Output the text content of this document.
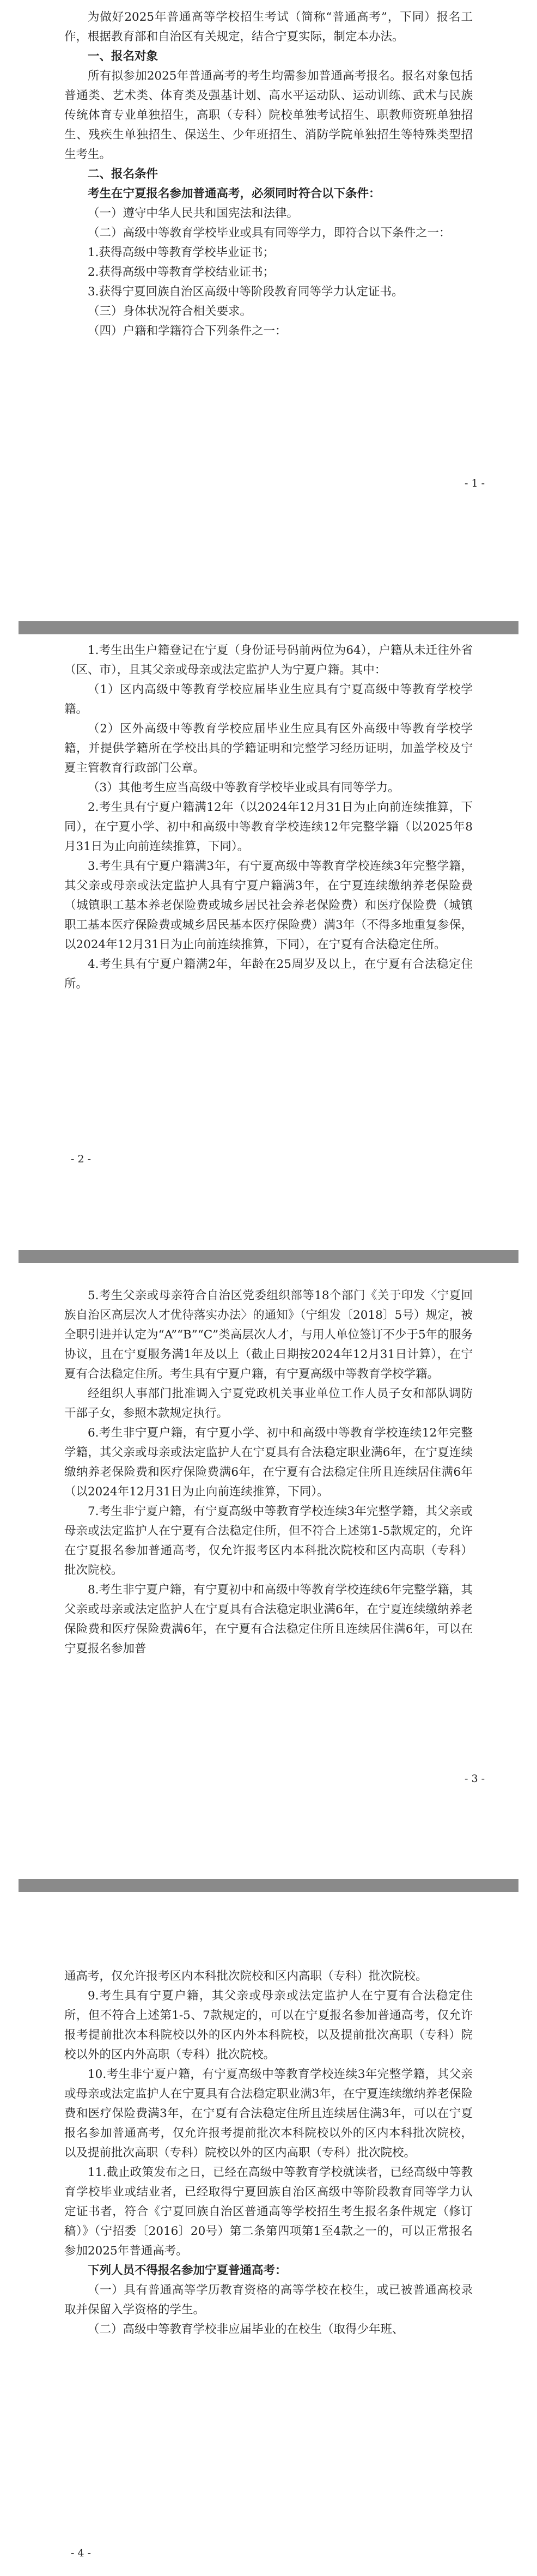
为做好2025年普通高等学校招生考试（简称“普通高考”，下同）报名工作，根据教育部和自治区有关规定，结合宁夏实际，制定本办法。

一、报名对象

所有拟参加2025年普通高考的考生均需参加普通高考报名。报名对象包括普通类、艺术类、体育类及强基计划、高水平运动队、运动训练、武术与民族传统体育专业单独招生，高职（专科）院校单独考试招生、职教师资班单独招生、残疾生单独招生、保送生、少年班招生、消防学院单独招生等特殊类型招生考生。

二、报名条件

考生在宁夏报名参加普通高考，必须同时符合以下条件：

（一）遵守中华人民共和国宪法和法律。

（二）高级中等教育学校毕业或具有同等学力，即符合以下条件之一：

1.获得高级中等教育学校毕业证书；

2.获得高级中等教育学校结业证书；

3.获得宁夏回族自治区高级中等阶段教育同等学力认定证书。

（三）身体状况符合相关要求。

（四）户籍和学籍符合下列条件之一：

- 1 -

1.考生出生户籍登记在宁夏（身份证号码前两位为64），户籍从未迁往外省（区、市），且其父亲或母亲或法定监护人为宁夏户籍。其中：

（1）区内高级中等教育学校应届毕业生应具有宁夏高级中等教育学校学籍。

（2）区外高级中等教育学校应届毕业生应具有区外高级中等教育学校学籍，并提供学籍所在学校出具的学籍证明和完整学习经历证明，加盖学校及宁夏主管教育行政部门公章。

（3）其他考生应当高级中等教育学校毕业或具有同等学力。

2.考生具有宁夏户籍满12年（以2024年12月31日为止向前连续推算，下同），在宁夏小学、初中和高级中等教育学校连续12年完整学籍（以2025年8月31日为止向前连续推算，下同）。

3.考生具有宁夏户籍满3年，有宁夏高级中等教育学校连续3年完整学籍，其父亲或母亲或法定监护人具有宁夏户籍满3年，在宁夏连续缴纳养老保险费（城镇职工基本养老保险费或城乡居民社会养老保险费）和医疗保险费（城镇职工基本医疗保险费或城乡居民基本医疗保险费）满3年（不得多地重复参保，以2024年12月31日为止向前连续推算，下同），在宁夏有合法稳定住所。

4.考生具有宁夏户籍满2年，年龄在25周岁及以上，在宁夏有合法稳定住所。

- 2 -

5.考生父亲或母亲符合自治区党委组织部等18个部门《关于印发〈宁夏回族自治区高层次人才优待落实办法〉的通知》（宁组发〔2018〕5号）规定，被全职引进并认定为“A”“B”“C”类高层次人才，与用人单位签订不少于5年的服务协议，且在宁夏服务满1年及以上（截止日期按2024年12月31日计算），在宁夏有合法稳定住所。考生具有宁夏户籍，有宁夏高级中等教育学校学籍。

经组织人事部门批准调入宁夏党政机关事业单位工作人员子女和部队调防干部子女，参照本款规定执行。

6.考生非宁夏户籍，有宁夏小学、初中和高级中等教育学校连续12年完整学籍，其父亲或母亲或法定监护人在宁夏具有合法稳定职业满6年，在宁夏连续缴纳养老保险费和医疗保险费满6年，在宁夏有合法稳定住所且连续居住满6年（以2024年12月31日为止向前连续推算，下同）。

7.考生非宁夏户籍，有宁夏高级中等教育学校连续3年完整学籍，其父亲或母亲或法定监护人在宁夏有合法稳定住所，但不符合上述第1-5款规定的，允许在宁夏报名参加普通高考，仅允许报考区内本科批次院校和区内高职（专科）批次院校。

8.考生非宁夏户籍，有宁夏初中和高级中等教育学校连续6年完整学籍，其父亲或母亲或法定监护人在宁夏具有合法稳定职业满6年，在宁夏连续缴纳养老保险费和医疗保险费满6年，在宁夏有合法稳定住所且连续居住满6年，可以在宁夏报名参加普

- 3 -

通高考，仅允许报考区内本科批次院校和区内高职（专科）批次院校。

9.考生具有宁夏户籍，其父亲或母亲或法定监护人在宁夏有合法稳定住所，但不符合上述第1-5、7款规定的，可以在宁夏报名参加普通高考，仅允许报考提前批次本科院校以外的区内外本科院校，以及提前批次高职（专科）院校以外的区内外高职（专科）批次院校。

10.考生非宁夏户籍，有宁夏高级中等教育学校连续3年完整学籍，其父亲或母亲或法定监护人在宁夏具有合法稳定职业满3年，在宁夏连续缴纳养老保险费和医疗保险费满3年，在宁夏有合法稳定住所且连续居住满3年，可以在宁夏报名参加普通高考，仅允许报考提前批次本科院校以外的区内本科批次院校，以及提前批次高职（专科）院校以外的区内高职（专科）批次院校。

11.截止政策发布之日，已经在高级中等教育学校就读者，已经高级中等教育学校毕业或结业者，已经取得宁夏回族自治区高级中等阶段教育同等学力认定证书者，符合《宁夏回族自治区普通高等学校招生考生报名条件规定（修订稿）》（宁招委〔2016〕20号）第二条第四项第1至4款之一的，可以正常报名参加2025年普通高考。

下列人员不得报名参加宁夏普通高考：

（一）具有普通高等学历教育资格的高等学校在校生，或已被普通高校录取并保留入学资格的学生。

（二）高级中等教育学校非应届毕业的在校生（取得少年班、

- 4 -
